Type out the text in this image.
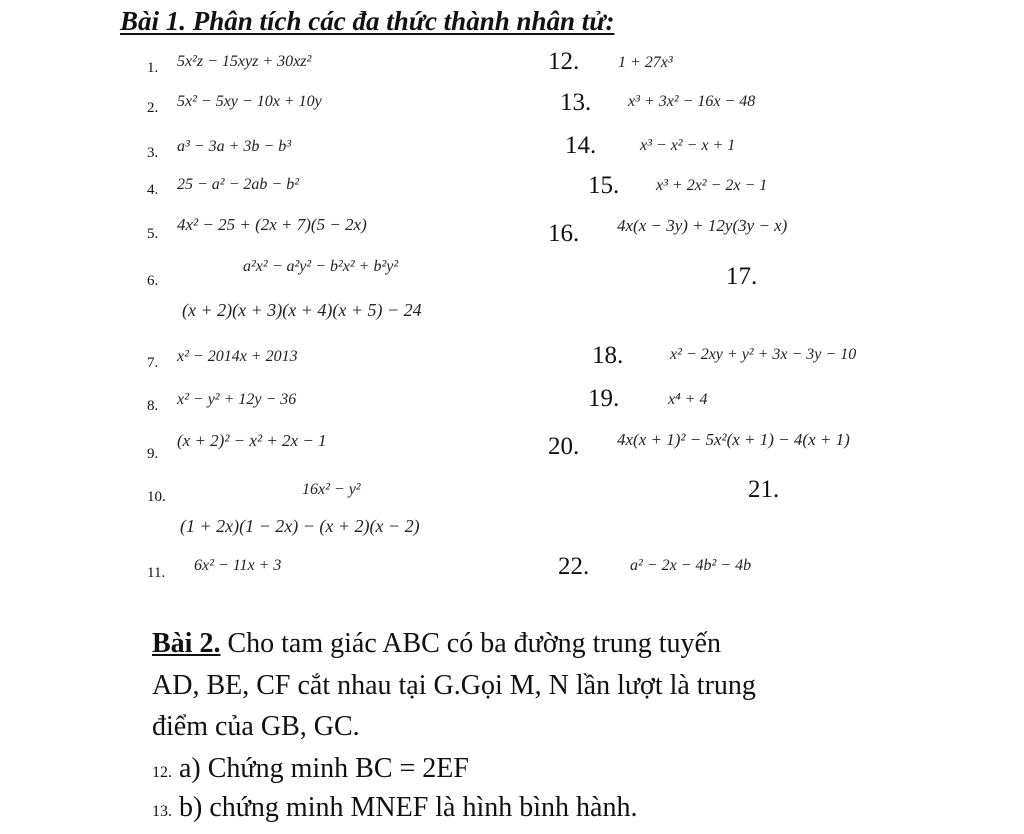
Bài 1. Phân tích các đa thức thành nhân tử:
1. 5x²z − 15xyz + 30xz²
2. 5x² − 5xy − 10x + 10y
3. a³ − 3a + 3b − b³
4. 25 − a² − 2ab − b²
5. 4x² − 25 + (2x + 7)(5 − 2x)
6.
a²x² − a²y² − b²x² + b²y²
(x + 2)(x + 3)(x + 4)(x + 5) − 24
7. x² − 2014x + 2013
8. x² − y² + 12y − 36
9.
(x + 2)² − x² + 2x − 1
10.	16x² − y²
(1 + 2x)(1 − 2x) − (x + 2)(x − 2)
11. 6x² − 11x + 3
12. 1 + 27x³
13. x³ + 3x² − 16x − 48
14.	x³ − x² − x + 1
15. x³ + 2x² − 2x − 1
16. 4x(x − 3y) + 12y(3y − x)
17.
18.	x² − 2xy + y² + 3x − 3y − 10
19.	x⁴ + 4
20. 4x(x + 1)² − 5x²(x + 1) − 4(x + 1)
21.
22.	a² − 2x − 4b² − 4b
Bài 2. Cho tam giác ABC có ba đường trung tuyến
AD, BE, CF cắt nhau tại G.Gọi M, N lần lượt là trung
điểm của GB, GC.
12. a) Chứng minh BC = 2EF
13. b) chứng minh MNEF là hình bình hành.
